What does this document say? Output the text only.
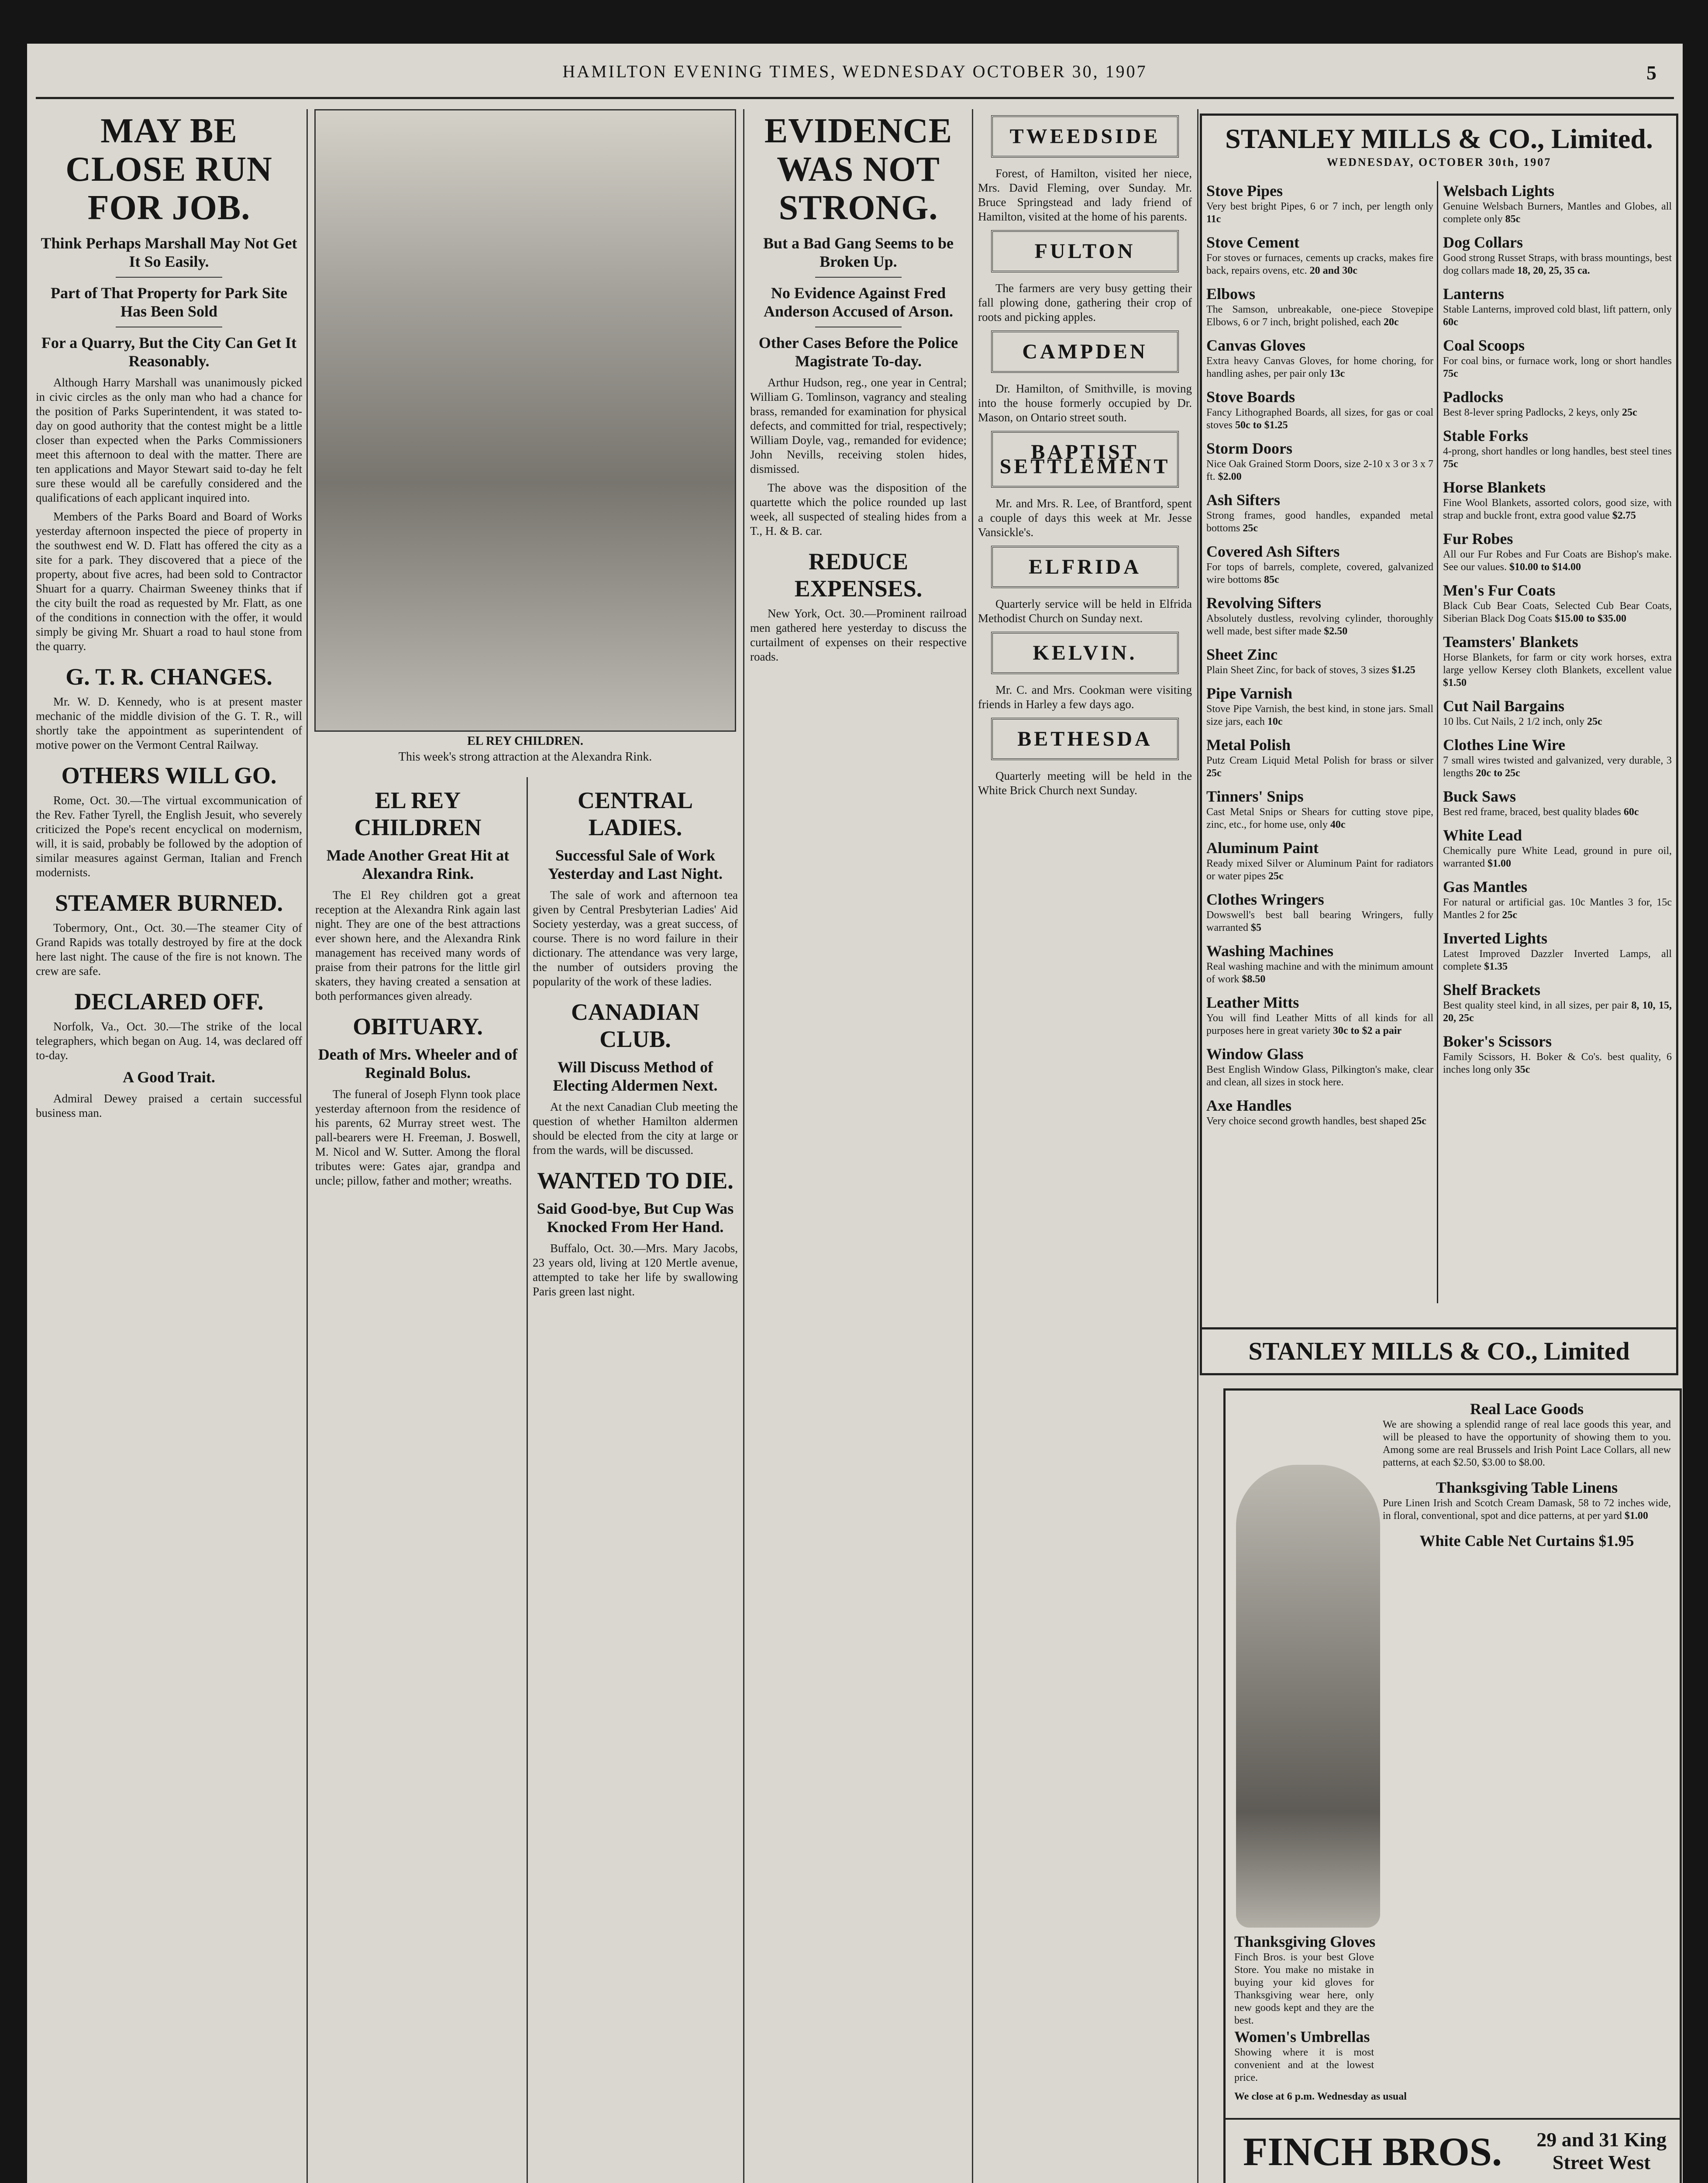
HAMILTON EVENING TIMES, WEDNESDAY OCTOBER 30, 1907	5
MAY BE CLOSE RUN FOR JOB.
Think Perhaps Marshall May Not Get It So Easily.
Part of That Property for Park Site Has Been Sold
For a Quarry, But the City Can Get It Reasonably.

Although Harry Marshall was unanimously picked in civic circles as the only man who had a chance for the position of Parks Superintendent, it was stated to-day on good authority that the contest might be a little closer than expected when the Parks Commissioners meet this afternoon to deal with the matter. There are ten applications and Mayor Stewart said to-day he felt sure these would all be carefully considered and the qualifications of each applicant inquired into.

Members of the Parks Board and Board of Works yesterday afternoon inspected the piece of property in the southwest end W. D. Flatt has offered the city as a site for a park. They discovered that a piece of the property, about five acres, had been sold to Contractor Shuart for a quarry. Chairman Sweeney thinks that if the city built the road as requested by Mr. Flatt, as one of the conditions in connection with the offer, it would simply be giving Mr. Shuart a road to haul stone from the quarry.

G. T. R. CHANGES.

Mr. W. D. Kennedy, who is at present master mechanic of the middle division of the G. T. R., will shortly take the appointment as superintendent of motive power on the Vermont Central Railway.

OTHERS WILL GO.

Rome, Oct. 30.—The virtual excommunication of the Rev. Father Tyrell, the English Jesuit, who severely criticized the Pope's recent encyclical on modernism, will, it is said, probably be followed by the adoption of similar measures against German, Italian and French modernists.

STEAMER BURNED.

Tobermory, Ont., Oct. 30.—The steamer City of Grand Rapids was totally destroyed by fire at the dock here last night. The cause of the fire is not known. The crew are safe.

DECLARED OFF.

Norfolk, Va., Oct. 30.—The strike of the local telegraphers, which began on Aug. 14, was declared off to-day.

A Good Trait.

Admiral Dewey praised a certain successful business man.

EL REY CHILDREN.
This week's strong attraction at the Alexandra Rink.
EL REY CHILDREN
Made Another Great Hit at Alexandra Rink.

The El Rey children got a great reception at the Alexandra Rink again last night. They are one of the best attractions ever shown here, and the Alexandra Rink management has received many words of praise from their patrons for the little girl skaters, they having created a sensation at both performances given already.

OBITUARY.
Death of Mrs. Wheeler and of Reginald Bolus.

The funeral of Joseph Flynn took place yesterday afternoon from the residence of his parents, 62 Murray street west. The pall-bearers were H. Freeman, J. Boswell, M. Nicol and W. Sutter. Among the floral tributes were: Gates ajar, grandpa and uncle; pillow, father and mother; wreaths.

CENTRAL LADIES.
Successful Sale of Work Yesterday and Last Night.

The sale of work and afternoon tea given by Central Presbyterian Ladies' Aid Society yesterday, was a great success, of course. There is no word failure in their dictionary. The attendance was very large, the number of outsiders proving the popularity of the work of these ladies.

CANADIAN CLUB.
Will Discuss Method of Electing Aldermen Next.

At the next Canadian Club meeting the question of whether Hamilton aldermen should be elected from the city at large or from the wards, will be discussed.

WANTED TO DIE.
Said Good-bye, But Cup Was Knocked From Her Hand.

Buffalo, Oct. 30.—Mrs. Mary Jacobs, 23 years old, living at 120 Mertle avenue, attempted to take her life by swallowing Paris green last night.

EVIDENCE WAS NOT STRONG.
But a Bad Gang Seems to be Broken Up.
No Evidence Against Fred Anderson Accused of Arson.
Other Cases Before the Police Magistrate To-day.

Arthur Hudson, reg., one year in Central; William G. Tomlinson, vagrancy and stealing brass, remanded for examination for physical defects, and committed for trial, respectively; William Doyle, vag., remanded for evidence; John Nevills, receiving stolen hides, dismissed.

The above was the disposition of the quartette which the police rounded up last week, all suspected of stealing hides from a T., H. & B. car.

REDUCE EXPENSES.

New York, Oct. 30.—Prominent railroad men gathered here yesterday to discuss the curtailment of expenses on their respective roads.

TWEEDSIDE

Forest, of Hamilton, visited her niece, Mrs. David Fleming, over Sunday. Mr. Bruce Springstead and lady friend of Hamilton, visited at the home of his parents.

FULTON

The farmers are very busy getting their fall plowing done, gathering their crop of roots and picking apples.

CAMPDEN

Dr. Hamilton, of Smithville, is moving into the house formerly occupied by Dr. Mason, on Ontario street south.

BAPTIST SETTLEMENT

Mr. and Mrs. R. Lee, of Brantford, spent a couple of days this week at Mr. Jesse Vansickle's.

ELFRIDA

Quarterly service will be held in Elfrida Methodist Church on Sunday next.

KELVIN.

Mr. C. and Mrs. Cookman were visiting friends in Harley a few days ago.

BETHESDA

Quarterly meeting will be held in the White Brick Church next Sunday.

STANLEY MILLS & CO., Limited.
WEDNESDAY, OCTOBER 30th, 1907
Stove Pipes
Very best bright Pipes, 6 or 7 inch, per length only 11c
Stove Cement
For stoves or furnaces, cements up cracks, makes fire back, repairs ovens, etc. 20 and 30c
Elbows
The Samson, unbreakable, one-piece Stovepipe Elbows, 6 or 7 inch, bright polished, each 20c
Canvas Gloves
Extra heavy Canvas Gloves, for home choring, for handling ashes, per pair only 13c
Stove Boards
Fancy Lithographed Boards, all sizes, for gas or coal stoves 50c to $1.25
Storm Doors
Nice Oak Grained Storm Doors, size 2-10 x 3 or 3 x 7 ft. $2.00
Ash Sifters
Strong frames, good handles, expanded metal bottoms 25c
Covered Ash Sifters
For tops of barrels, complete, covered, galvanized wire bottoms 85c
Revolving Sifters
Absolutely dustless, revolving cylinder, thoroughly well made, best sifter made $2.50
Sheet Zinc
Plain Sheet Zinc, for back of stoves, 3 sizes $1.25
Pipe Varnish
Stove Pipe Varnish, the best kind, in stone jars. Small size jars, each 10c
Metal Polish
Putz Cream Liquid Metal Polish for brass or silver 25c
Tinners' Snips
Cast Metal Snips or Shears for cutting stove pipe, zinc, etc., for home use, only 40c
Aluminum Paint
Ready mixed Silver or Aluminum Paint for radiators or water pipes 25c
Clothes Wringers
Dowswell's best ball bearing Wringers, fully warranted $5
Washing Machines
Real washing machine and with the minimum amount of work $8.50
Leather Mitts
You will find Leather Mitts of all kinds for all purposes here in great variety 30c to $2 a pair
Window Glass
Best English Window Glass, Pilkington's make, clear and clean, all sizes in stock here.
Axe Handles
Very choice second growth handles, best shaped 25c
Welsbach Lights
Genuine Welsbach Burners, Mantles and Globes, all complete only 85c
Dog Collars
Good strong Russet Straps, with brass mountings, best dog collars made 18, 20, 25, 35 ca.
Lanterns
Stable Lanterns, improved cold blast, lift pattern, only 60c
Coal Scoops
For coal bins, or furnace work, long or short handles 75c
Padlocks
Best 8-lever spring Padlocks, 2 keys, only 25c
Stable Forks
4-prong, short handles or long handles, best steel tines 75c
Horse Blankets
Fine Wool Blankets, assorted colors, good size, with strap and buckle front, extra good value $2.75
Fur Robes
All our Fur Robes and Fur Coats are Bishop's make. See our values. $10.00 to $14.00
Men's Fur Coats
Black Cub Bear Coats, Selected Cub Bear Coats, Siberian Black Dog Coats $15.00 to $35.00
Teamsters' Blankets
Horse Blankets, for farm or city work horses, extra large yellow Kersey cloth Blankets, excellent value $1.50
Cut Nail Bargains
10 lbs. Cut Nails, 2 1/2 inch, only 25c
Clothes Line Wire
7 small wires twisted and galvanized, very durable, 3 lengths 20c to 25c
Buck Saws
Best red frame, braced, best quality blades 60c
White Lead
Chemically pure White Lead, ground in pure oil, warranted $1.00
Gas Mantles
For natural or artificial gas. 10c Mantles 3 for, 15c Mantles 2 for 25c
Inverted Lights
Latest Improved Dazzler Inverted Lamps, all complete $1.35
Shelf Brackets
Best quality steel kind, in all sizes, per pair 8, 10, 15, 20, 25c
Boker's Scissors
Family Scissors, H. Boker & Co's. best quality, 6 inches long only 35c
STANLEY MILLS & CO., Limited
Real Lace Goods
We are showing a splendid range of real lace goods this year, and will be pleased to have the opportunity of showing them to you. Among some are real Brussels and Irish Point Lace Collars, all new patterns, at each $2.50, $3.00 to $8.00.
Thanksgiving Table Linens
Pure Linen Irish and Scotch Cream Damask, 58 to 72 inches wide, in floral, conventional, spot and dice patterns, at per yard $1.00
White Cable Net Curtains $1.95
Thanksgiving Gloves
Finch Bros. is your best Glove Store. You make no mistake in buying your kid gloves for Thanksgiving wear here, only new goods kept and they are the best.
Women's Umbrellas
Showing where it is most convenient and at the lowest price.
We close at 6 p.m. Wednesday as usual
FINCH BROS. 29 and 31 King
Street West
